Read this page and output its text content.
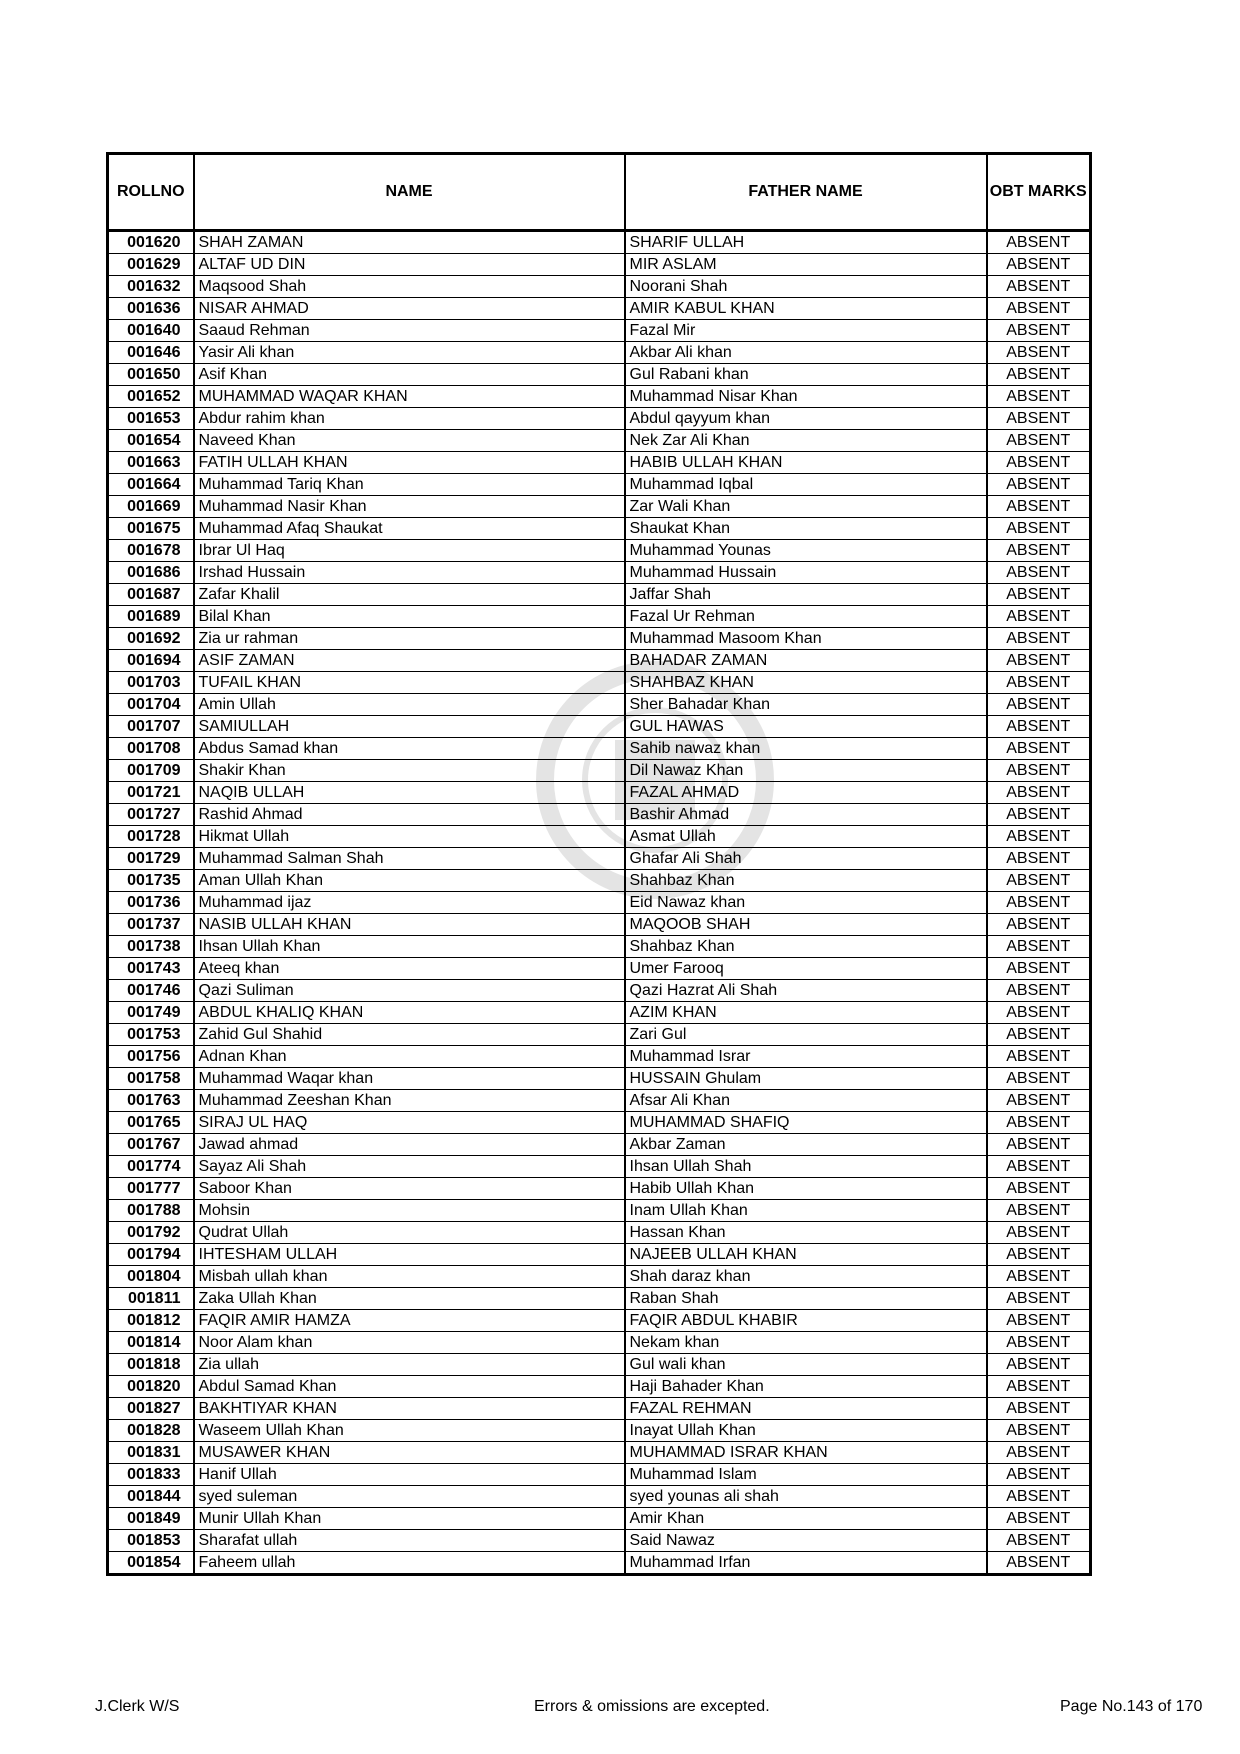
ROLLNO	NAME	FATHER NAME	OBT MARKS
001620	SHAH ZAMAN	SHARIF ULLAH	ABSENT
001629	ALTAF UD DIN	MIR ASLAM	ABSENT
001632	Maqsood Shah	Noorani Shah	ABSENT
001636	NISAR AHMAD	AMIR KABUL KHAN	ABSENT
001640	Saaud Rehman	Fazal Mir	ABSENT
001646	Yasir Ali khan	Akbar Ali khan	ABSENT
001650	Asif Khan	Gul Rabani khan	ABSENT
001652	MUHAMMAD WAQAR KHAN	Muhammad Nisar Khan	ABSENT
001653	Abdur rahim khan	Abdul qayyum khan	ABSENT
001654	Naveed Khan	Nek Zar Ali Khan	ABSENT
001663	FATIH ULLAH KHAN	HABIB ULLAH KHAN	ABSENT
001664	Muhammad Tariq Khan	Muhammad Iqbal	ABSENT
001669	Muhammad Nasir Khan	Zar Wali Khan	ABSENT
001675	Muhammad Afaq Shaukat	Shaukat Khan	ABSENT
001678	Ibrar Ul Haq	Muhammad Younas	ABSENT
001686	Irshad Hussain	Muhammad Hussain	ABSENT
001687	Zafar Khalil	Jaffar Shah	ABSENT
001689	Bilal Khan	Fazal Ur Rehman	ABSENT
001692	Zia ur rahman	Muhammad Masoom Khan	ABSENT
001694	ASIF ZAMAN	BAHADAR ZAMAN	ABSENT
001703	TUFAIL KHAN	SHAHBAZ KHAN	ABSENT
001704	Amin Ullah	Sher Bahadar Khan	ABSENT
001707	SAMIULLAH	GUL HAWAS	ABSENT
001708	Abdus Samad khan	Sahib nawaz khan	ABSENT
001709	Shakir Khan	Dil Nawaz Khan	ABSENT
001721	NAQIB ULLAH	FAZAL AHMAD	ABSENT
001727	Rashid Ahmad	Bashir Ahmad	ABSENT
001728	Hikmat Ullah	Asmat Ullah	ABSENT
001729	Muhammad Salman Shah	Ghafar Ali Shah	ABSENT
001735	Aman Ullah Khan	Shahbaz Khan	ABSENT
001736	Muhammad ijaz	Eid Nawaz khan	ABSENT
001737	NASIB ULLAH KHAN	MAQOOB SHAH	ABSENT
001738	Ihsan Ullah Khan	Shahbaz Khan	ABSENT
001743	Ateeq khan	Umer Farooq	ABSENT
001746	Qazi Suliman	Qazi Hazrat Ali Shah	ABSENT
001749	ABDUL KHALIQ KHAN	AZIM KHAN	ABSENT
001753	Zahid Gul Shahid	Zari Gul	ABSENT
001756	Adnan Khan	Muhammad Israr	ABSENT
001758	Muhammad Waqar khan	HUSSAIN Ghulam	ABSENT
001763	Muhammad Zeeshan Khan	Afsar Ali Khan	ABSENT
001765	SIRAJ UL HAQ	MUHAMMAD SHAFIQ	ABSENT
001767	Jawad ahmad	Akbar Zaman	ABSENT
001774	Sayaz Ali Shah	Ihsan Ullah Shah	ABSENT
001777	Saboor Khan	Habib Ullah Khan	ABSENT
001788	Mohsin	Inam Ullah Khan	ABSENT
001792	Qudrat Ullah	Hassan Khan	ABSENT
001794	IHTESHAM ULLAH	NAJEEB ULLAH KHAN	ABSENT
001804	Misbah ullah khan	Shah daraz khan	ABSENT
001811	Zaka Ullah Khan	Raban Shah	ABSENT
001812	FAQIR AMIR HAMZA	FAQIR ABDUL KHABIR	ABSENT
001814	Noor Alam khan	Nekam khan	ABSENT
001818	Zia ullah	Gul wali khan	ABSENT
001820	Abdul Samad Khan	Haji Bahader Khan	ABSENT
001827	BAKHTIYAR KHAN	FAZAL REHMAN	ABSENT
001828	Waseem Ullah Khan	Inayat Ullah Khan	ABSENT
001831	MUSAWER KHAN	MUHAMMAD ISRAR KHAN	ABSENT
001833	Hanif Ullah	Muhammad Islam	ABSENT
001844	syed suleman	syed younas ali shah	ABSENT
001849	Munir Ullah Khan	Amir Khan	ABSENT
001853	Sharafat ullah	Said Nawaz	ABSENT
001854	Faheem ullah	Muhammad Irfan	ABSENT
J.Clerk W/S	Errors & omissions are excepted.	Page No.143 of 170
